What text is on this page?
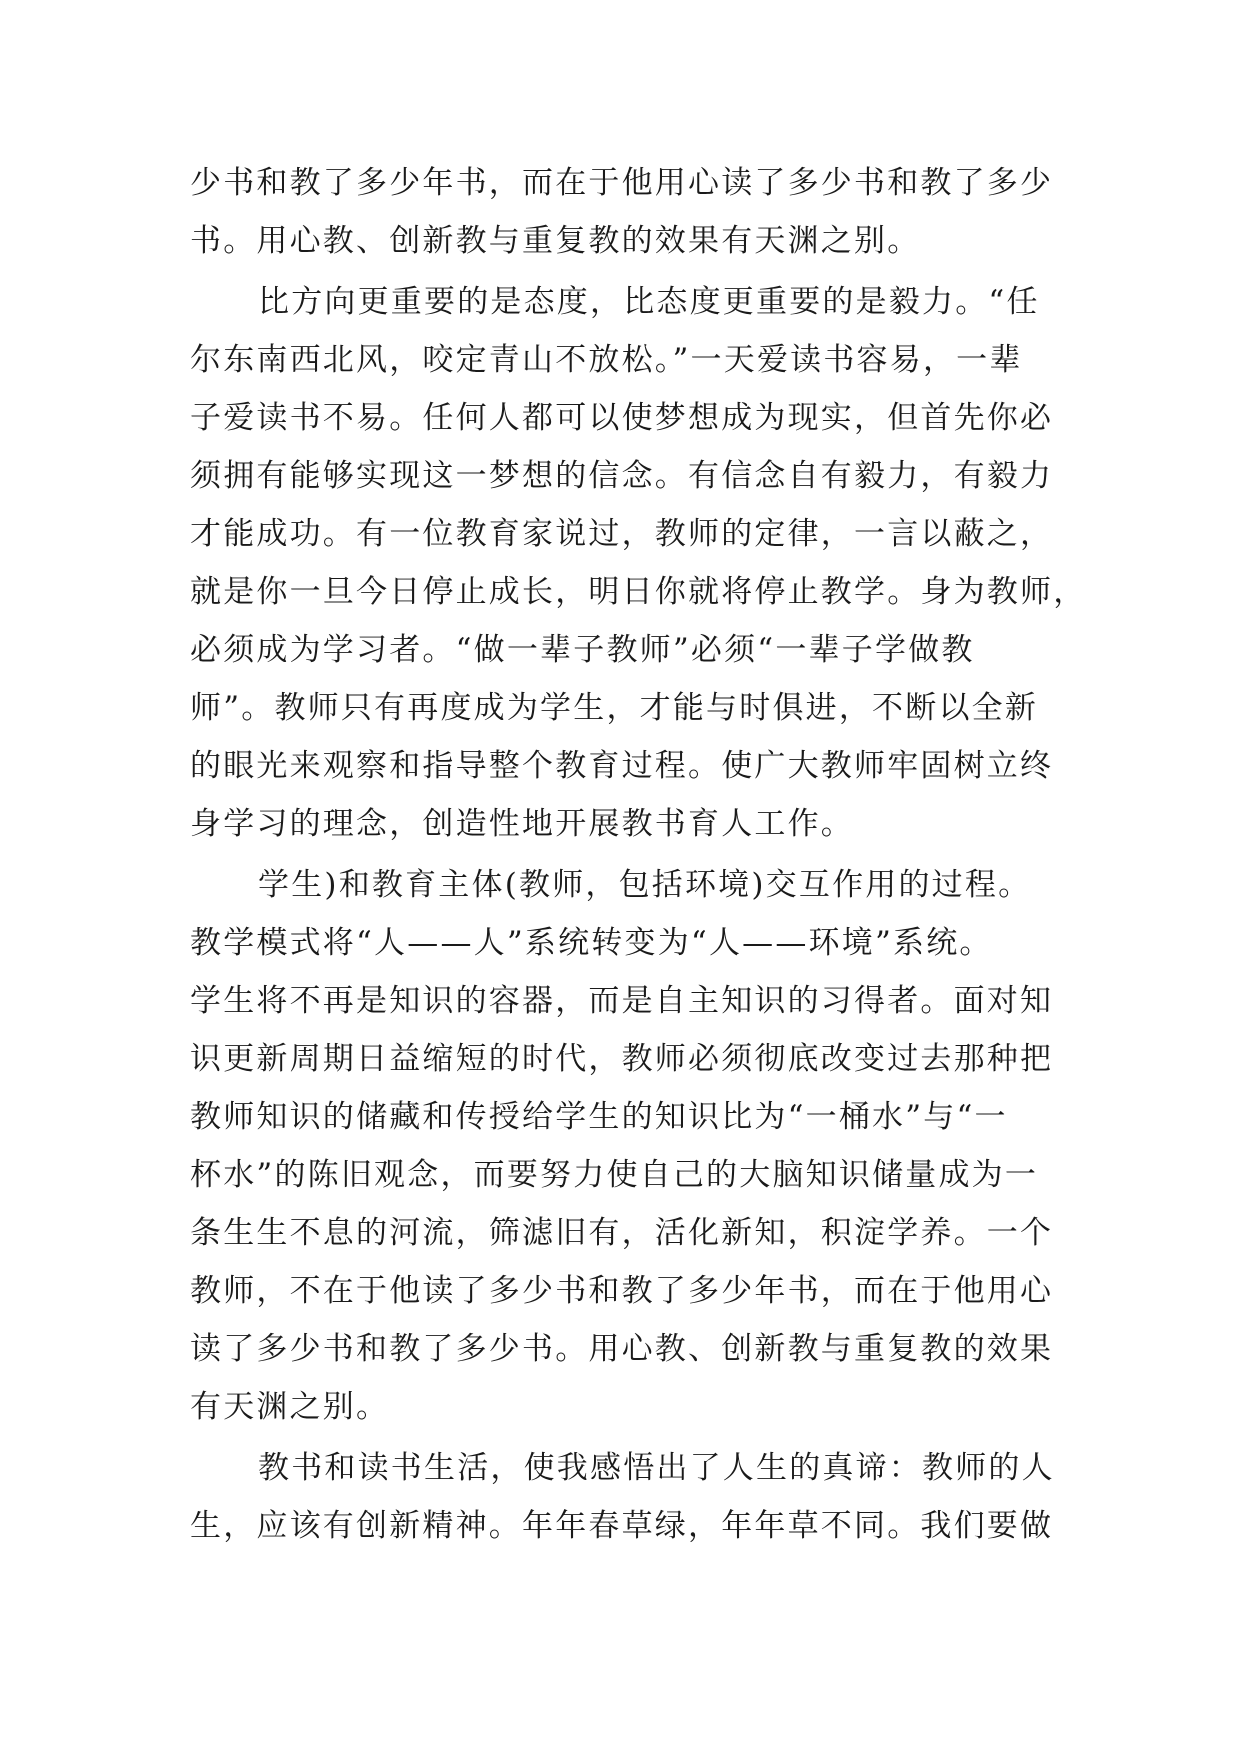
少书和教了多少年书，而在于他用心读了多少书和教了多少
书。用心教、创新教与重复教的效果有天渊之别。
比方向更重要的是态度，比态度更重要的是毅力。“任
尔东南西北风，咬定青山不放松。”一天爱读书容易，一辈
子爱读书不易。任何人都可以使梦想成为现实，但首先你必
须拥有能够实现这一梦想的信念。有信念自有毅力，有毅力
才能成功。有一位教育家说过，教师的定律，一言以蔽之，
就是你一旦今日停止成长，明日你就将停止教学。身为教师，
必须成为学习者。“做一辈子教师”必须“一辈子学做教
师”。教师只有再度成为学生，才能与时俱进，不断以全新
的眼光来观察和指导整个教育过程。使广大教师牢固树立终
身学习的理念，创造性地开展教书育人工作。
学生)和教育主体(教师，包括环境)交互作用的过程。
教学模式将“人——人”系统转变为“人——环境”系统。
学生将不再是知识的容器，而是自主知识的习得者。面对知
识更新周期日益缩短的时代，教师必须彻底改变过去那种把
教师知识的储藏和传授给学生的知识比为“一桶水”与“一
杯水”的陈旧观念，而要努力使自己的大脑知识储量成为一
条生生不息的河流，筛滤旧有，活化新知，积淀学养。一个
教师，不在于他读了多少书和教了多少年书，而在于他用心
读了多少书和教了多少书。用心教、创新教与重复教的效果
有天渊之别。
教书和读书生活，使我感悟出了人生的真谛：教师的人
生，应该有创新精神。年年春草绿，年年草不同。我们要做
